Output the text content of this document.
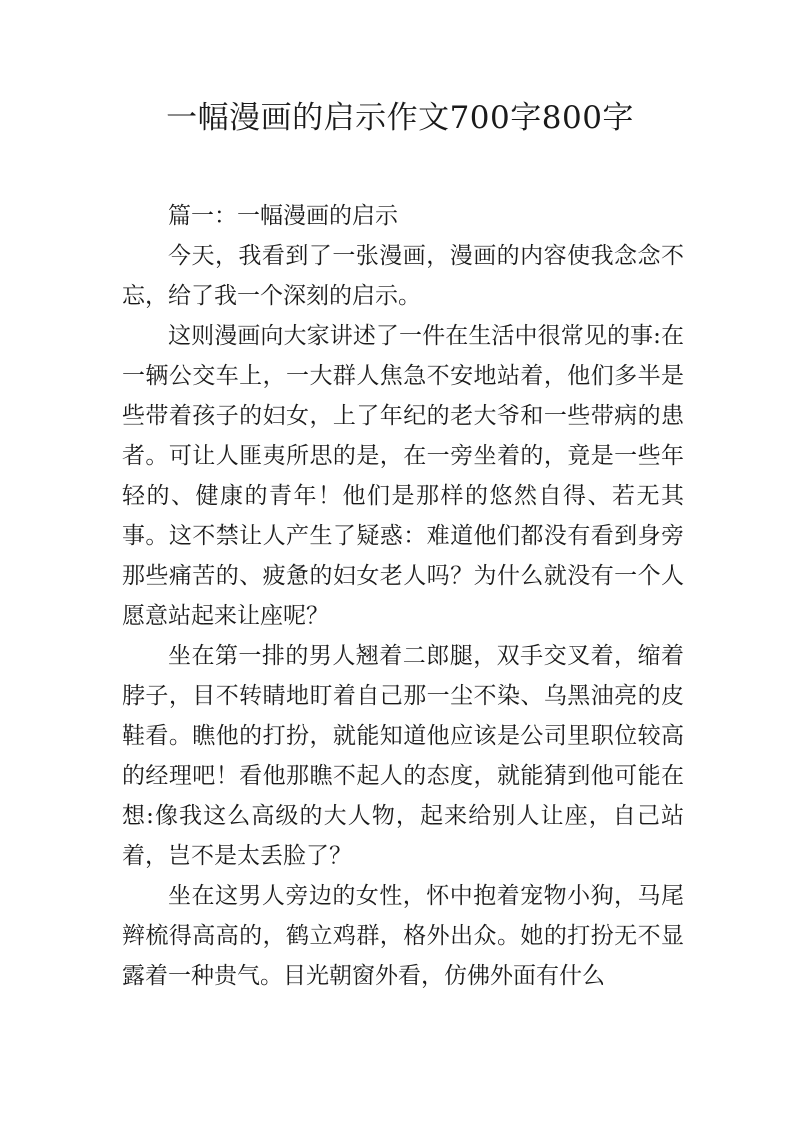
一幅漫画的启示作文700字800字

篇一：一幅漫画的启示

今天，我看到了一张漫画，漫画的内容使我念念不忘，给了我一个深刻的启示。

这则漫画向大家讲述了一件在生活中很常见的事:在一辆公交车上，一大群人焦急不安地站着，他们多半是些带着孩子的妇女，上了年纪的老大爷和一些带病的患者。可让人匪夷所思的是，在一旁坐着的，竟是一些年轻的、健康的青年！他们是那样的悠然自得、若无其事。这不禁让人产生了疑惑：难道他们都没有看到身旁那些痛苦的、疲惫的妇女老人吗？为什么就没有一个人愿意站起来让座呢？

坐在第一排的男人翘着二郎腿，双手交叉着，缩着脖子，目不转睛地盯着自己那一尘不染、乌黑油亮的皮鞋看。瞧他的打扮，就能知道他应该是公司里职位较高的经理吧！看他那瞧不起人的态度，就能猜到他可能在想:像我这么高级的大人物，起来给别人让座，自己站着，岂不是太丢脸了？

坐在这男人旁边的女性，怀中抱着宠物小狗，马尾辫梳得高高的，鹤立鸡群，格外出众。她的打扮无不显露着一种贵气。目光朝窗外看，仿佛外面有什么
